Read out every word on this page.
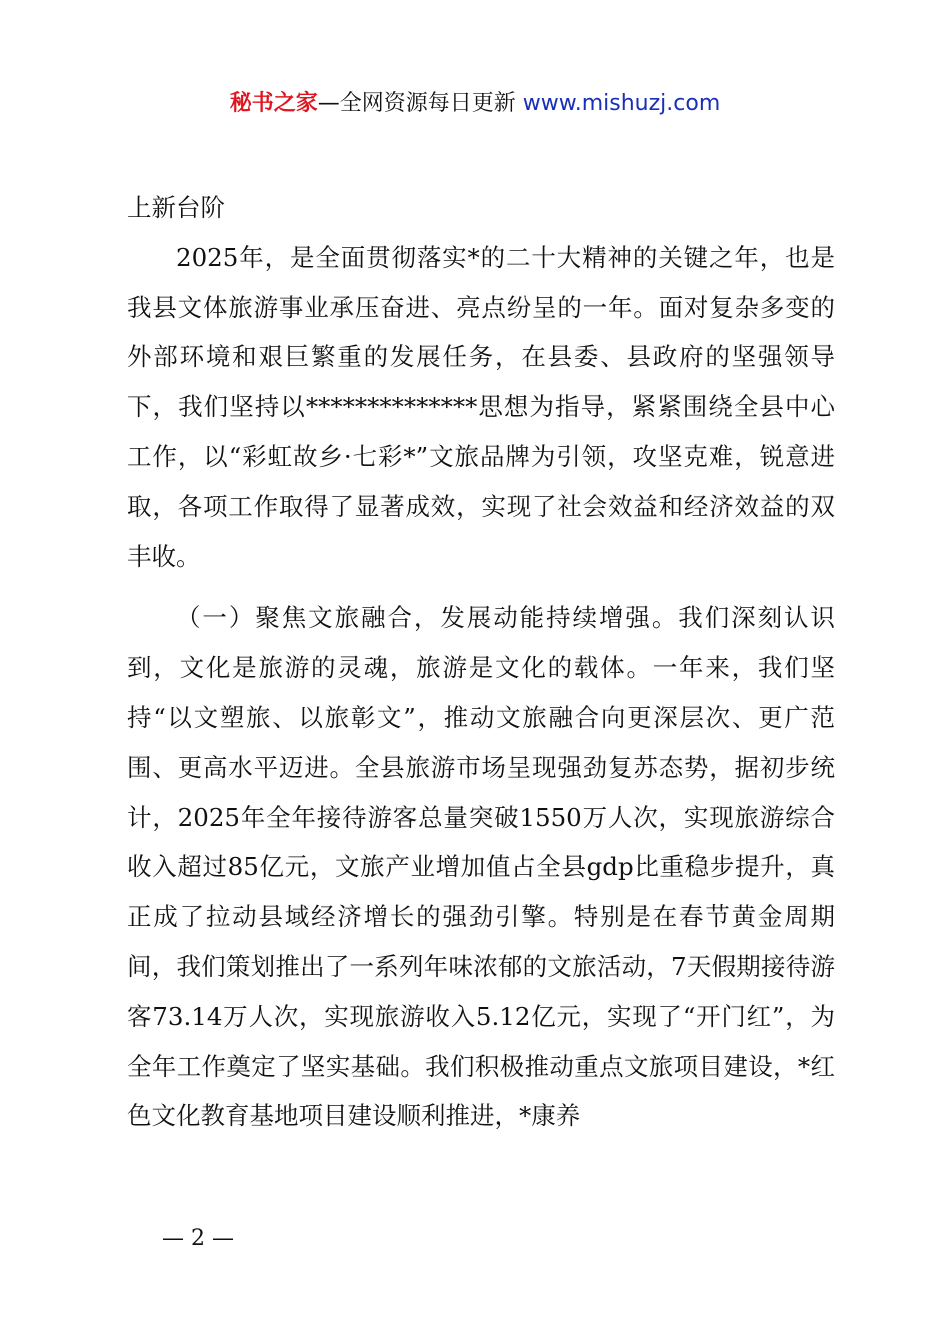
秘书之家—全网资源每日更新 www.mishuzj.com

上新台阶

2025年，是全面贯彻落实*的二十大精神的关键之年，也是我县文体旅游事业承压奋进、亮点纷呈的一年。面对复杂多变的外部环境和艰巨繁重的发展任务，在县委、县政府的坚强领导下，我们坚持以**************思想为指导，紧紧围绕全县中心工作，以“彩虹故乡·七彩*”文旅品牌为引领，攻坚克难，锐意进取，各项工作取得了显著成效，实现了社会效益和经济效益的双丰收。

（一）聚焦文旅融合，发展动能持续增强。我们深刻认识到，文化是旅游的灵魂，旅游是文化的载体。一年来，我们坚持“以文塑旅、以旅彰文”，推动文旅融合向更深层次、更广范围、更高水平迈进。全县旅游市场呈现强劲复苏态势，据初步统计，2025年全年接待游客总量突破1550万人次，实现旅游综合收入超过85亿元，文旅产业增加值占全县gdp比重稳步提升，真正成了拉动县域经济增长的强劲引擎。特别是在春节黄金周期间，我们策划推出了一系列年味浓郁的文旅活动，7天假期接待游客73.14万人次，实现旅游收入5.12亿元，实现了“开门红”，为全年工作奠定了坚实基础。我们积极推动重点文旅项目建设，*红色文化教育基地项目建设顺利推进，*康养

— 2 —
